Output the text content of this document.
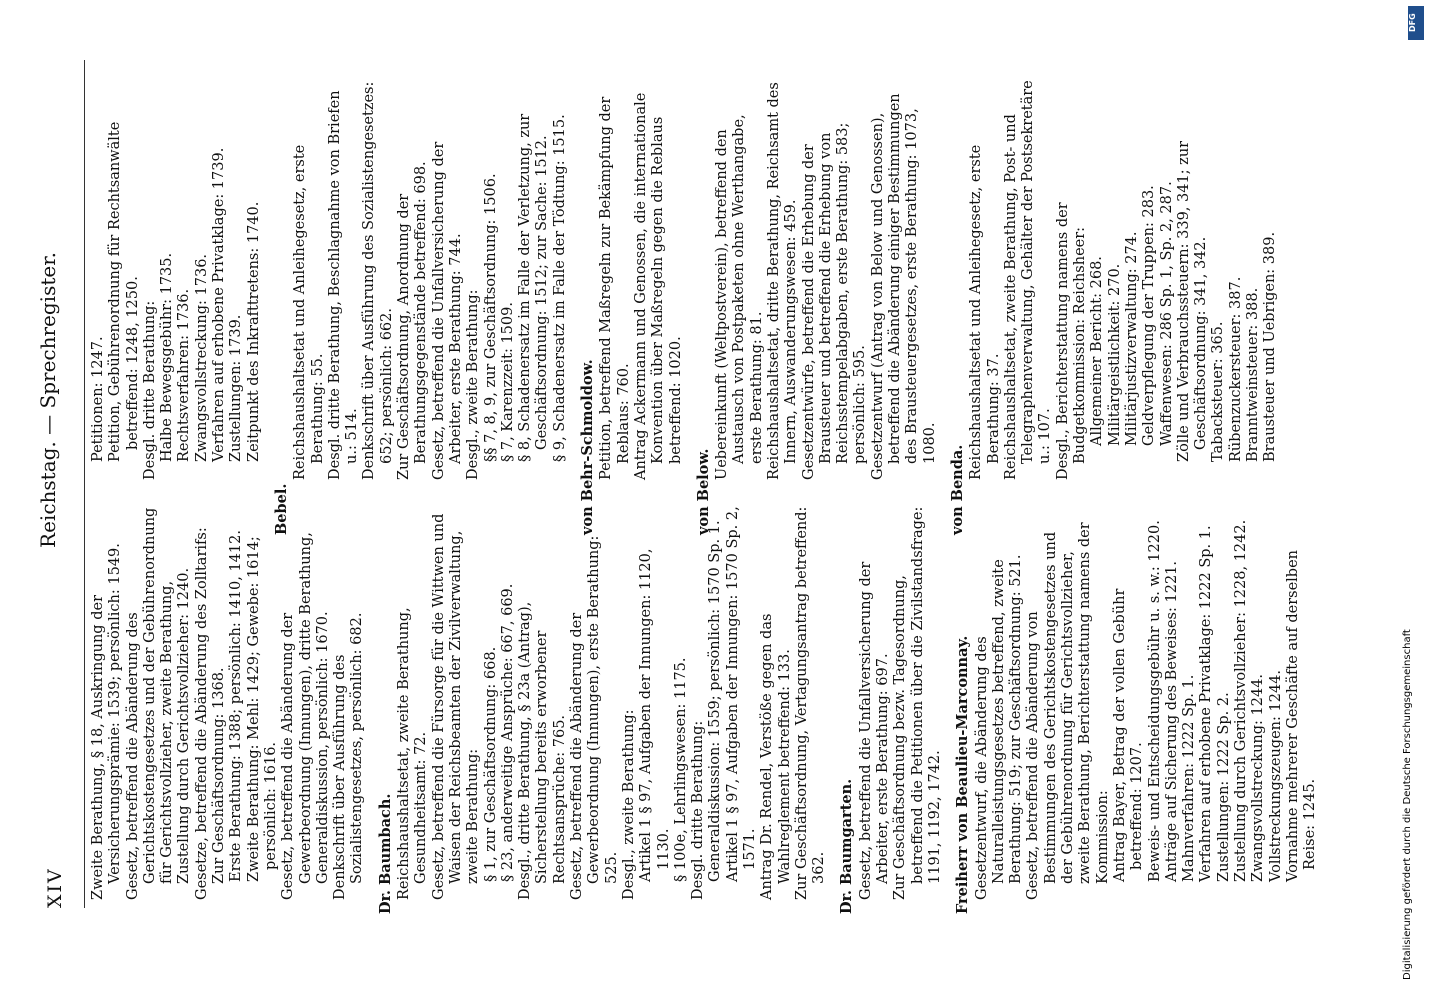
XIV
Reichstag. — Sprechregister.
Zweite Berathung, § 18, Auskringung der Versicherungsprämie: 1539; persönlich: 1549. Gesetz, betreffend die Abänderung des Gerichtskostengesetzes und der Gebührenordnung für Gerichtsvollzieher, zweite Berathung, Zustellung durch Gerichtsvollzieher: 1240. Gesetze, betreffend die Abänderung des Zolltarifs: Zur Geschäftsordnung: 1368. Erste Berathung: 1388; persönlich: 1410, 1412. Zweite Berathung: Mehl: 1429; Gewebe: 1614; persönlich: 1616. Gesetz, betreffend die Abänderung der Gewerbeordnung (Innungen), dritte Berathung, Generaldiskussion, persönlich: 1670. Denkschrift über Ausführung des Sozialistengesetzes, persönlich: 682. Dr. Baumbach. Reichshaushaltsetat, zweite Berathung, Gesundheitsamt: 72. Gesetz, betreffend die Fürsorge für die Wittwen und Waisen der Reichsbeamten der Zivilverwaltung, zweite Berathung: § 1, zur Geschäftsordnung: 668. § 23, anderweitige Ansprüche: 667, 669. Desgl., dritte Berathung, § 23a (Antrag), Sicherstellung bereits erworbener Rechtsansprüche: 765. Gesetz, betreffend die Abänderung der Gewerbeordnung (Innungen), erste Berathung: 525. Desgl., zweite Berathung: Artikel 1 § 97, Aufgaben der Innungen: 1120, 1130. § 100e, Lehrlingswesen: 1175. Desgl. dritte Berathung: Generaldiskussion: 1559; persönlich: 1570 Sp. 1. Artikel 1 § 97, Aufgaben der Innungen: 1570 Sp. 2, 1571. Antrag Dr. Rendel, Verstöße gegen das Wahlreglement betreffend: 133. Zur Geschäftsordnung, Vertagungsantrag betreffend: 362. Dr. Baumgarten. Gesetz, betreffend die Unfallversicherung der Arbeiter, erste Berathung: 697. Zur Geschäftsordnung bezw. Tagesordnung, betreffend die Petitionen über die Zivilstandsfrage: 1191, 1192, 1742. Freiherr von Beaulieu-Marconnay. Gesetzentwurf, die Abänderung des Naturalleistungsgesetzes betreffend, zweite Berathung: 519; zur Geschäftsordnung: 521. Gesetz, betreffend die Abänderung von Bestimmungen des Gerichtskostengesetzes und der Gebührenordnung für Gerichtsvollzieher, zweite Berathung, Berichterstattung namens der Kommission: Antrag Bayer, Betrag der vollen Gebühr betreffend: 1207. Beweis- und Entscheidungsgebühr u. s. w.: 1220. Anträge auf Sicherung des Beweises: 1221. Mahnverfahren: 1222 Sp. 1. Verfahren auf erhobene Privatklage: 1222 Sp. 1. Zustellungen: 1222 Sp. 2. Zustellung durch Gerichtsvollzieher: 1228, 1242. Zwangsvollstreckung: 1244. Vollstreckungszeugen: 1244. Vornahme mehrerer Geschäfte auf derselben Reise: 1245.
Petitionen: 1247. Petition, Gebührenordnung für Rechtsanwälte betreffend: 1248, 1250. Desgl. dritte Berathung: Halbe Bewegsgebühr: 1735. Rechtsverfahren: 1736. Zwangsvollstreckung: 1736. Verfahren auf erhobene Privatklage: 1739. Zustellungen: 1739. Zeitpunkt des Inkrafttretens: 1740.
Bebel.
Reichshaushaltsetat und Anleihegesetz, erste Berathung: 55. Desgl. dritte Berathung, Beschlagnahme von Briefen u.: 514. Denkschrift über Ausführung des Sozialistengesetzes: 652; persönlich: 662. Zur Geschäftsordnung, Anordnung der Berathungsgegenstände betreffend: 698. Gesetz, betreffend die Unfallversicherung der Arbeiter, erste Berathung: 744. Desgl., zweite Berathung: §§ 7, 8, 9, zur Geschäftsordnung: 1506. § 7, Karenzzeit: 1509. § 8, Schadenersatz im Falle der Verletzung, zur Geschäftsordnung: 1512; zur Sache: 1512. § 9, Schadenersatz im Falle der Tödtung: 1515. von Behr-Schmoldow. Petition, betreffend Maßregeln zur Bekämpfung der Reblaus: 760. Antrag Ackermann und Genossen, die internationale Konvention über Maßregeln gegen die Reblaus betreffend: 1020.
von Below.
Uebereinkunft (Weltpostverein), betreffend den Austausch von Postpaketen ohne Werthangabe, erste Berathung: 81. Reichshaushaltsetat, dritte Berathung, Reichsamt des Innern, Auswanderungswesen: 459. Gesetzentwürfe, betreffend die Erhebung der Brausteuer und betreffend die Erhebung von Reichsstempelabgaben, erste Berathung: 583; persönlich: 595. Gesetzentwurf (Antrag von Below und Genossen), betreffend die Abänderung einiger Bestimmungen des Brausteuergesetzes, erste Berathung: 1073, 1080.
von Benda.
Reichshaushaltsetat und Anleihegesetz, erste Berathung: 37. Reichshaushaltsetat, zweite Berathung, Post- und Telegraphenverwaltung, Gehälter der Postsekretäre u.: 107. Desgl., Berichterstattung namens der Budgetkommission: Reichsheer: Allgemeiner Bericht: 268. Militärgeistlichkeit: 270. Militärjustizverwaltung: 274. Geldverpflegung der Truppen: 283. Waffenwesen: 286 Sp. 1, Sp. 2, 287. Zölle und Verbrauchssteuern: 339, 341; zur Geschäftsordnung: 341, 342. Tabacksteuer: 365. Rübenzuckersteuer: 387. Branntweinsteuer: 388. Brausteuer und Uebrigen: 389.
DFG
Digitalisierung gefördert durch die Deutsche Forschungsgemeinschaft
